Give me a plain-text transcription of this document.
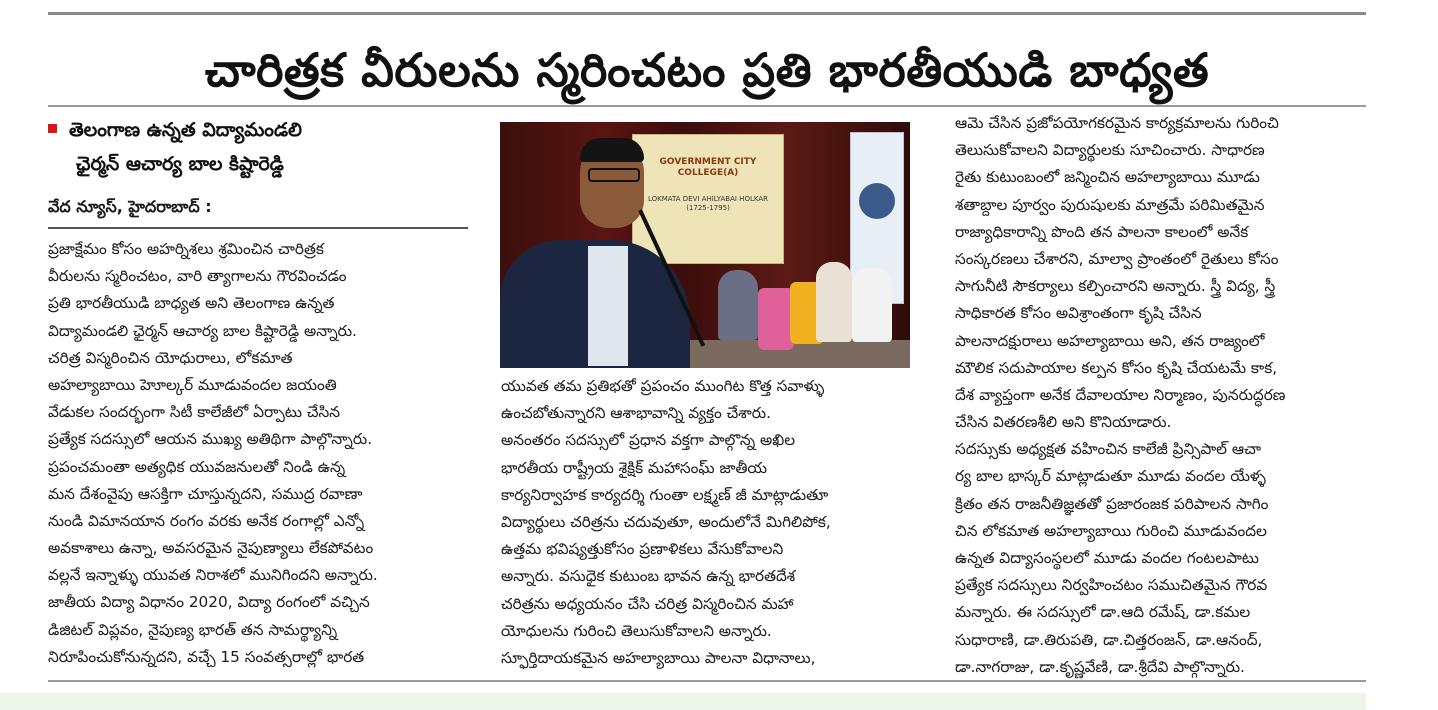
చారిత్రక వీరులను స్మరించటం ప్రతి భారతీయుడి బాధ్యత
తెలంగాణ ఉన్నత విద్యామండలి
ఛైర్మన్ ఆచార్య బాల కిష్టారెడ్డి
వేద న్యూస్, హైదరాబాద్ :
ప్రజాక్షేమం కోసం అహర్నిశలు శ్రమించిన చారిత్రక
వీరులను స్మరించటం, వారి త్యాగాలను గౌరవించడం
ప్రతి భారతీయుడి బాధ్యత అని తెలంగాణ ఉన్నత
విద్యామండలి ఛైర్మన్ ఆచార్య బాల కిష్టారెడ్డి అన్నారు.
చరిత్ర విస్మరించిన యోధురాలు, లోకమాత
అహల్యాబాయి హెూల్కర్ మూడువందల జయంతి
వేడుకల సందర్భంగా సిటీ కాలేజీలో ఏర్పాటు చేసిన
ప్రత్యేక సదస్సులో ఆయన ముఖ్య అతిథిగా పాల్గొన్నారు.
ప్రపంచమంతా అత్యధిక యువజనులతో నిండి ఉన్న
మన దేశంవైపు ఆసక్తిగా చూస్తున్నదని, సముద్ర రవాణా
నుండి విమానయాన రంగం వరకు అనేక రంగాల్లో ఎన్నో
అవకాశాలు ఉన్నా, అవసరమైన నైపుణ్యాలు లేకపోవటం
వల్లనే ఇన్నాళ్ళు యువత నిరాశలో మునిగిందని అన్నారు.
జాతీయ విద్యా విధానం 2020, విద్యా రంగంలో వచ్చిన
డిజిటల్ విప్లవం, నైపుణ్య భారత్ తన సామర్థ్యాన్ని
నిరూపించుకోనున్నదని, వచ్చే 15 సంవత్సరాల్లో భారత
GOVERNMENT CITY COLLEGE(A)
LOKMATA DEVI AHILYABAI HOLKAR (1725-1795)
యువత తమ ప్రతిభతో ప్రపంచం ముంగిట కొత్త సవాళ్ళు
ఉంచబోతున్నారని ఆశాభావాన్ని వ్యక్తం చేశారు.
అనంతరం సదస్సులో ప్రధాన వక్తగా పాల్గొన్న అఖిల
భారతీయ రాష్ట్రీయ శైక్షిక్ మహాసంఘ్ జాతీయ
కార్యనిర్వాహక కార్యదర్శి గుంతా లక్ష్మణ్ జీ మాట్లాడుతూ
విద్యార్థులు చరిత్రను చదువుతూ, అందులోనే మిగిలిపోక,
ఉత్తమ భవిష్యత్తుకోసం ప్రణాళికలు వేసుకోవాలని
అన్నారు. వసుధైక కుటుంబ భావన ఉన్న భారతదేశ
చరిత్రను అధ్యయనం చేసి చరిత్ర విస్మరించిన మహా
యోధులను గురించి తెలుసుకోవాలని అన్నారు.
స్ఫూర్తిదాయకమైన అహల్యాబాయి పాలనా విధానాలు,
ఆమె చేసిన ప్రజోపయోగకరమైన కార్యక్రమాలను గురించి
తెలుసుకోవాలని విద్యార్థులకు సూచించారు. సాధారణ
రైతు కుటుంబంలో జన్మించిన అహల్యాబాయి మూడు
శతాబ్దాల పూర్వం పురుషులకు మాత్రమే పరిమితమైన
రాజ్యాధికారాన్ని పొంది తన పాలనా కాలంలో అనేక
సంస్కరణలు చేశారని, మాల్వా ప్రాంతంలో రైతులు కోసం
సాగునీటి సౌకర్యాలు కల్పించారని అన్నారు. స్త్రీ విద్య, స్త్రీ
సాధికారత కోసం అవిశ్రాంతంగా కృషి చేసిన
పాలనాదక్షురాలు అహల్యాబాయి అని, తన రాజ్యంలో
మౌలిక సదుపాయాల కల్పన కోసం కృషి చేయటమే కాక,
దేశ వ్యాప్తంగా అనేక దేవాలయాల నిర్మాణం, పునరుద్ధరణ
చేసిన వితరణశీలి అని కొనియాడారు.
సదస్సుకు అధ్యక్షత వహించిన కాలేజీ ప్రిన్సిపాల్ ఆచా
ర్య బాల భాస్కర్ మాట్లాడుతూ మూడు వందల యేళ్ళ
క్రితం తన రాజనీతిజ్ఞతతో ప్రజారంజక పరిపాలన సాగిం
చిన లోకమాత అహల్యాబాయి గురించి మూడువందల
ఉన్నత విద్యాసంస్థలలో మూడు వందల గంటలపాటు
ప్రత్యేక సదస్సులు నిర్వహించటం సముచితమైన గౌరవ
మన్నారు. ఈ సదస్సులో డా.ఆది రమేష్, డా.కమల
సుధారాణి, డా.తిరుపతి, డా.చిత్తరంజన్, డా.ఆనంద్,
డా.నాగరాజు, డా.కృష్ణవేణి, డా.శ్రీదేవి పాల్గొన్నారు.
